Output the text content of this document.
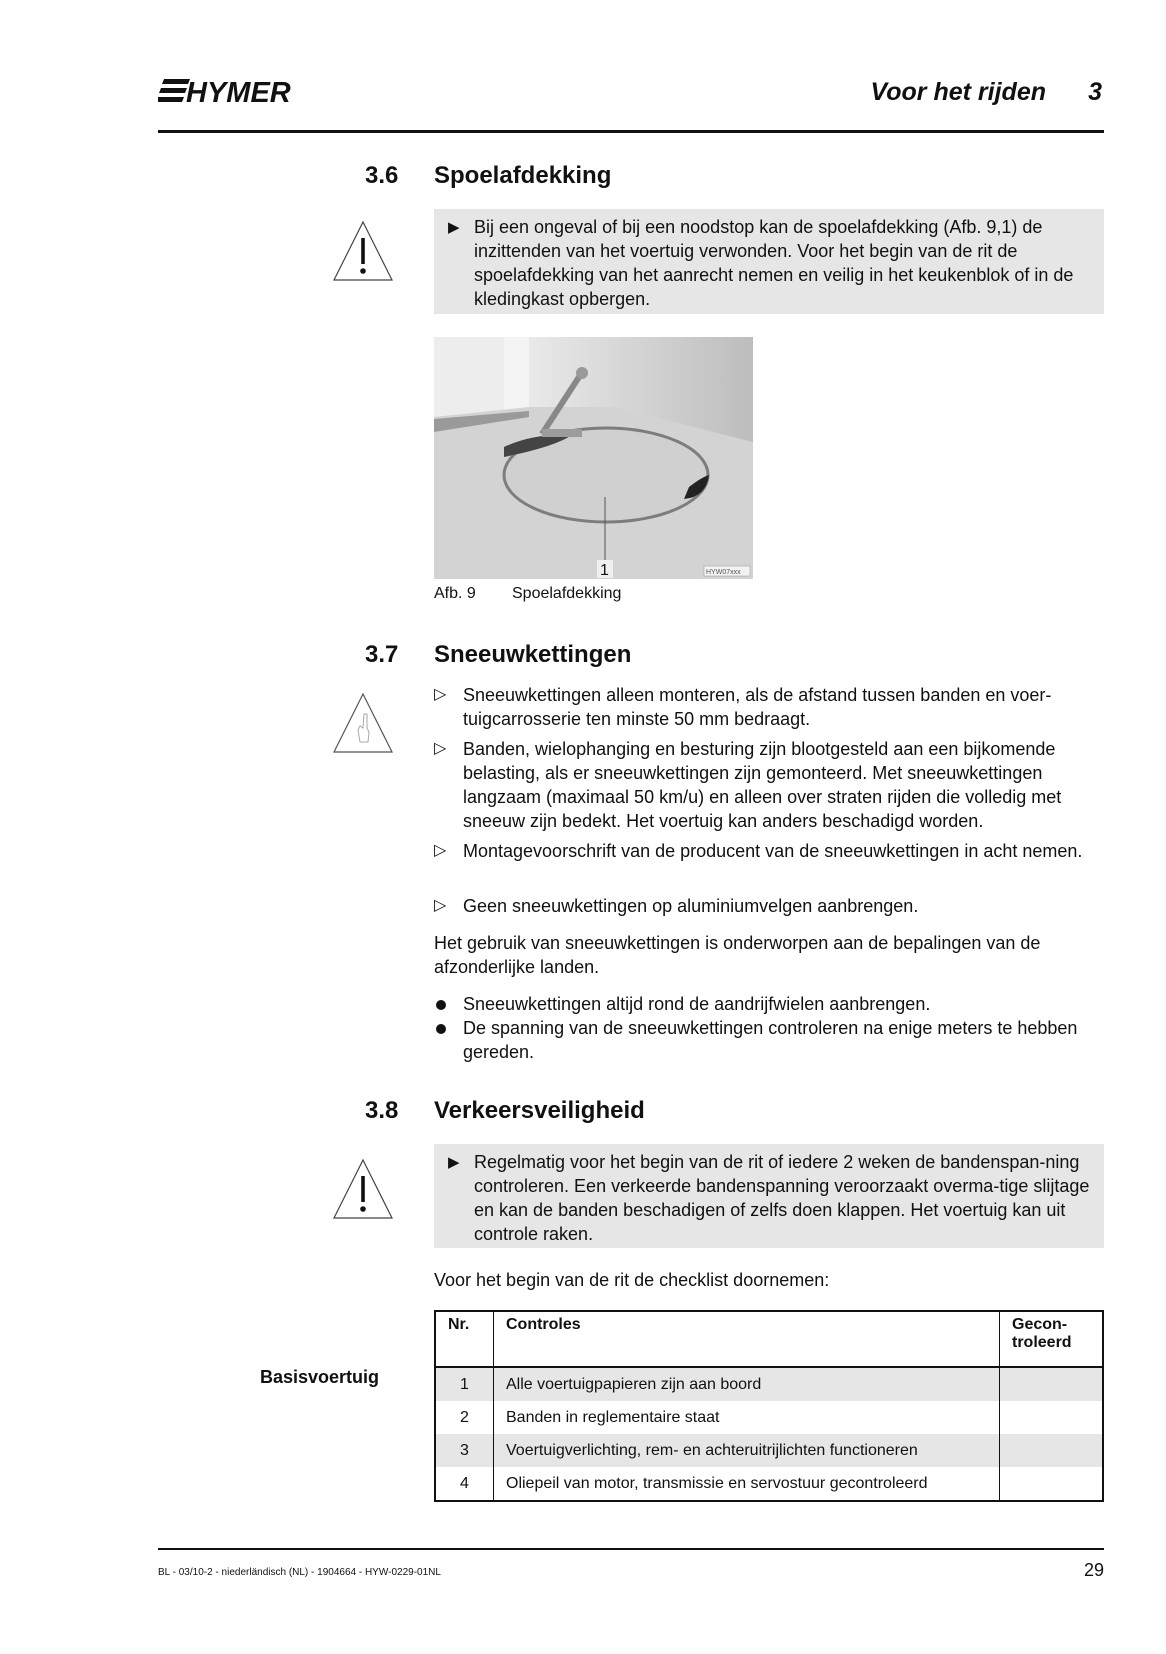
HYMER	Voor het rijden 3
3.6 Spoelafdekking
▶ Bij een ongeval of bij een noodstop kan de spoelafdekking (Afb. 9,1) de inzittenden van het voertuig verwonden. Voor het begin van de rit de spoelafdekking van het aanrecht nemen en veilig in het keukenblok of in de kledingkast opbergen.
1	HYW07xxx
Afb. 9 Spoelafdekking
3.7 Sneeuwkettingen
▷ Sneeuwkettingen alleen monteren, als de afstand tussen banden en voer-tuigcarrosserie ten minste 50 mm bedraagt.
▷ Banden, wielophanging en besturing zijn blootgesteld aan een bijkomende belasting, als er sneeuwkettingen zijn gemonteerd. Met sneeuwkettingen langzaam (maximaal 50 km/u) en alleen over straten rijden die volledig met sneeuw zijn bedekt. Het voertuig kan anders beschadigd worden.
▷ Montagevoorschrift van de producent van de sneeuwkettingen in acht nemen.
▷ Geen sneeuwkettingen op aluminiumvelgen aanbrengen.
Het gebruik van sneeuwkettingen is onderworpen aan de bepalingen van de afzonderlijke landen.
Sneeuwkettingen altijd rond de aandrijfwielen aanbrengen.
De spanning van de sneeuwkettingen controleren na enige meters te hebben gereden.
3.8 Verkeersveiligheid
▶ Regelmatig voor het begin van de rit of iedere 2 weken de bandenspan-ning controleren. Een verkeerde bandenspanning veroorzaakt overma-tige slijtage en kan de banden beschadigen of zelfs doen klappen. Het voertuig kan uit controle raken.
Voor het begin van de rit de checklist doornemen:
Basisvoertuig
Nr.	Controles	Gecon-troleerd
1	Alle voertuigpapieren zijn aan boord	
2	Banden in reglementaire staat	
3	Voertuigverlichting, rem- en achteruitrijlichten functioneren	
4	Oliepeil van motor, transmissie en servostuur gecontroleerd	
BL - 03/10-2 - niederländisch (NL) - 1904664 - HYW-0229-01NL	29
